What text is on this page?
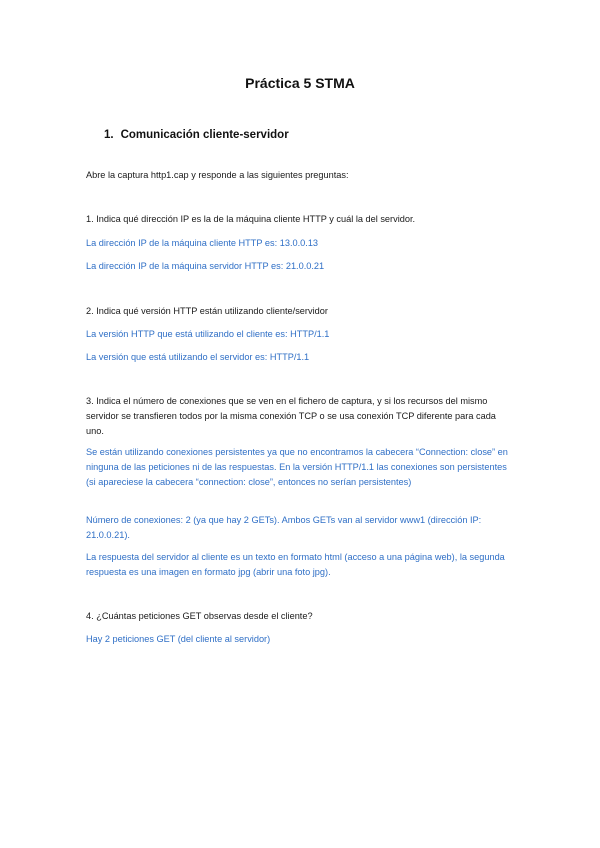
Práctica 5 STMA
1. Comunicación cliente-servidor
Abre la captura http1.cap y responde a las siguientes preguntas:
1. Indica qué dirección IP es la de la máquina cliente HTTP y cuál la del servidor.
La dirección IP de la máquina cliente HTTP es: 13.0.0.13
La dirección IP de la máquina servidor HTTP es: 21.0.0.21
2. Indica qué versión HTTP están utilizando cliente/servidor
La versión HTTP que está utilizando el cliente es: HTTP/1.1
La versión que está utilizando el servidor es: HTTP/1.1
3. Indica el número de conexiones que se ven en el fichero de captura, y si los recursos del mismo servidor se transfieren todos por la misma conexión TCP o se usa conexión TCP diferente para cada uno.
Se están utilizando conexiones persistentes ya que no encontramos la cabecera “Connection: close” en ninguna de las peticiones ni de las respuestas. En la versión HTTP/1.1 las conexiones son persistentes (si apareciese la cabecera “connection: close”, entonces no serían persistentes)
Número de conexiones: 2 (ya que hay 2 GETs). Ambos GETs van al servidor www1 (dirección IP: 21.0.0.21).
La respuesta del servidor al cliente es un texto en formato html (acceso a una página web), la segunda respuesta es una imagen en formato jpg (abrir una foto jpg).
4. ¿Cuántas peticiones GET observas desde el cliente?
Hay 2 peticiones GET (del cliente al servidor)
